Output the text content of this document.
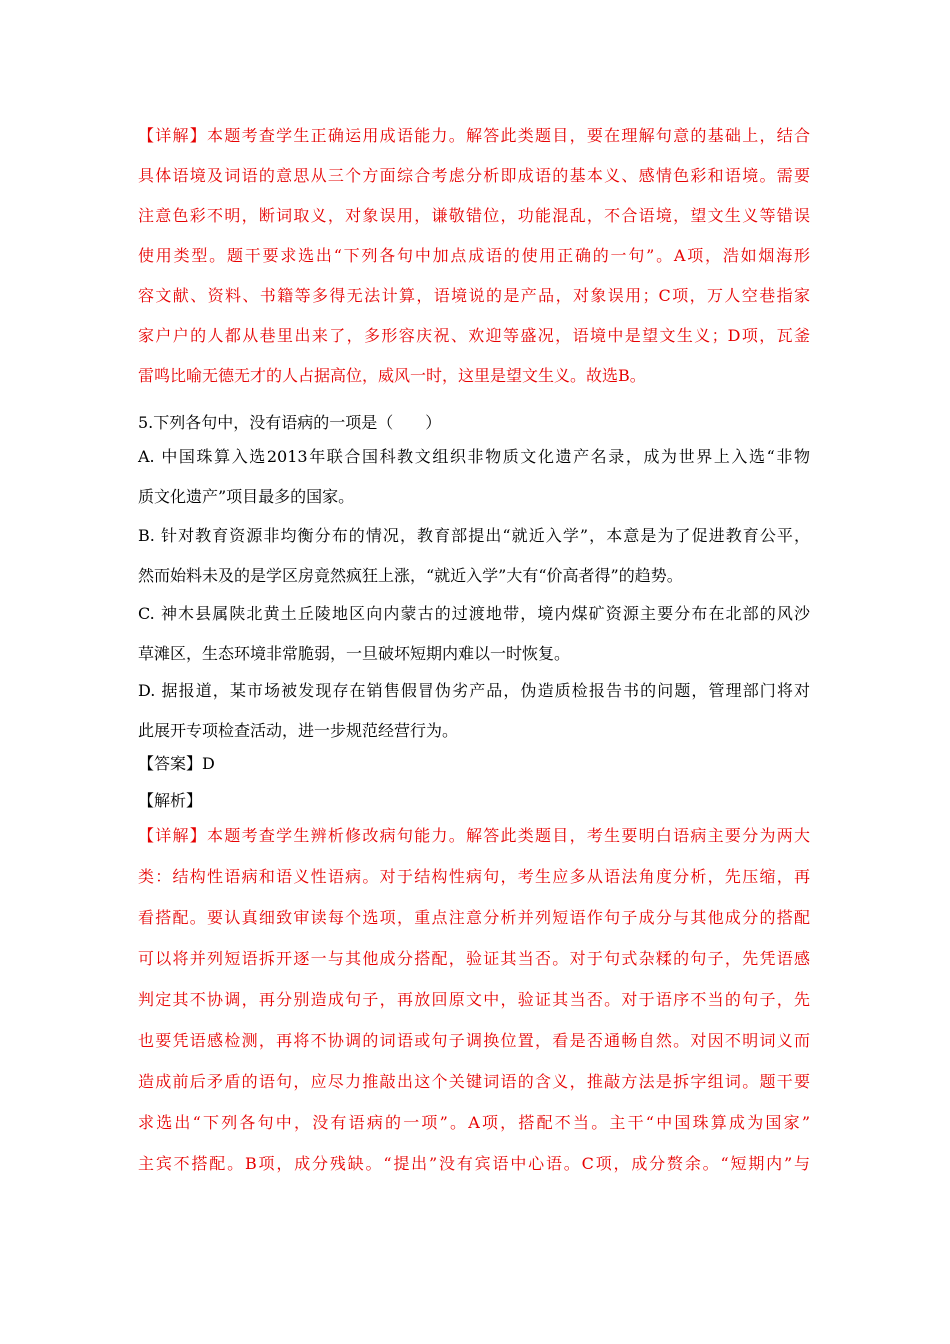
【详解】本题考查学生正确运用成语能力。解答此类题目，要在理解句意的基础上，结合
具体语境及词语的意思从三个方面综合考虑分析即成语的基本义、感情色彩和语境。需要
注意色彩不明，断词取义，对象误用，谦敬错位，功能混乱，不合语境，望文生义等错误
使用类型。题干要求选出“下列各句中加点成语的使用正确的一句”。A项，浩如烟海形
容文献、资料、书籍等多得无法计算，语境说的是产品，对象误用；C项，万人空巷指家
家户户的人都从巷里出来了，多形容庆祝、欢迎等盛况，语境中是望文生义；D项，瓦釜
雷鸣比喻无德无才的人占据高位，威风一时，这里是望文生义。故选B。
5.下列各句中，没有语病的一项是（　　）
A. 中国珠算入选2013年联合国科教文组织非物质文化遗产名录，成为世界上入选“非物
质文化遗产”项目最多的国家。
B. 针对教育资源非均衡分布的情况，教育部提出“就近入学”，本意是为了促进教育公平，
然而始料未及的是学区房竟然疯狂上涨，“就近入学”大有“价高者得”的趋势。
C. 神木县属陕北黄土丘陵地区向内蒙古的过渡地带，境内煤矿资源主要分布在北部的风沙
草滩区，生态环境非常脆弱，一旦破坏短期内难以一时恢复。
D. 据报道，某市场被发现存在销售假冒伪劣产品，伪造质检报告书的问题，管理部门将对
此展开专项检查活动，进一步规范经营行为。
【答案】D
【解析】
【详解】本题考查学生辨析修改病句能力。解答此类题目，考生要明白语病主要分为两大
类：结构性语病和语义性语病。对于结构性病句，考生应多从语法角度分析，先压缩，再
看搭配。要认真细致审读每个选项，重点注意分析并列短语作句子成分与其他成分的搭配
可以将并列短语拆开逐一与其他成分搭配，验证其当否。对于句式杂糅的句子，先凭语感
判定其不协调，再分别造成句子，再放回原文中，验证其当否。对于语序不当的句子，先
也要凭语感检测，再将不协调的词语或句子调换位置，看是否通畅自然。对因不明词义而
造成前后矛盾的语句，应尽力推敲出这个关键词语的含义，推敲方法是拆字组词。题干要
求选出“下列各句中，没有语病的一项”。A项，搭配不当。主干“中国珠算成为国家”
主宾不搭配。B项，成分残缺。“提出”没有宾语中心语。C项，成分赘余。“短期内”与
